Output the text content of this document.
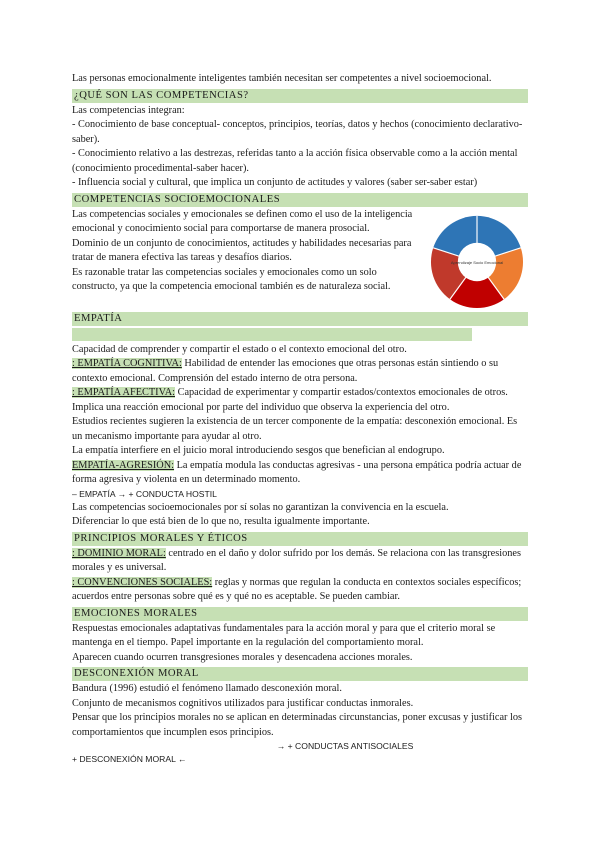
Las personas emocionalmente inteligentes también necesitan ser competentes a nivel socioemocional.

¿QUÉ SON LAS COMPETENCIAS?

Las competencias integran:

- Conocimiento de base conceptual- conceptos, principios, teorías, datos y hechos (conocimiento declarativo-saber).

- Conocimiento relativo a las destrezas, referidas tanto a la acción física observable como a la acción mental (conocimiento procedimental-saber hacer).

- Influencia social y cultural, que implica un conjunto de actitudes y valores (saber ser-saber estar)

COMPETENCIAS SOCIOEMOCIONALES

Las competencias sociales y emocionales se definen como el uso de la inteligencia emocional y conocimiento social para comportarse de manera prosocial.

Dominio de un conjunto de conocimientos, actitudes y habilidades necesarias para tratar de manera efectiva las tareas y desafíos diarios.

Es razonable tratar las competencias sociales y emocionales como un solo constructo, ya que la competencia emocional también es de naturaleza social.

Aprendizaje Socio Emocional
EMPATÍA

Capacidad de comprender y compartir el estado o el contexto emocional del otro.

: EMPATÍA COGNITIVA: Habilidad de entender las emociones que otras personas están sintiendo o su contexto emocional. Comprensión del estado interno de otra persona.

: EMPATÍA AFECTIVA: Capacidad de experimentar y compartir estados/contextos emocionales de otros. Implica una reacción emocional por parte del individuo que observa la experiencia del otro.

Estudios recientes sugieren la existencia de un tercer componente de la empatía: desconexión emocional. Es un mecanismo importante para ayudar al otro.

La empatía interfiere en el juicio moral introduciendo sesgos que benefician al endogrupo.

EMPATÍA-AGRESIÓN: La empatía modula las conductas agresivas - una persona empática podría actuar de forma agresiva y violenta en un determinado momento.

– EMPATÍA → + CONDUCTA HOSTIL

Las competencias socioemocionales por sí solas no garantizan la convivencia en la escuela.

Diferenciar lo que está bien de lo que no, resulta igualmente importante.

PRINCIPIOS MORALES Y ÉTICOS

: DOMINIO MORAL: centrado en el daño y dolor sufrido por los demás. Se relaciona con las transgresiones morales y es universal.

: CONVENCIONES SOCIALES: reglas y normas que regulan la conducta en contextos sociales específicos; acuerdos entre personas sobre qué es y qué no es aceptable. Se pueden cambiar.

EMOCIONES MORALES

Respuestas emocionales adaptativas fundamentales para la acción moral y para que el criterio moral se mantenga en el tiempo. Papel importante en la regulación del comportamiento moral.

Aparecen cuando ocurren transgresiones morales y desencadena acciones morales.

DESCONEXIÓN MORAL

Bandura (1996) estudió el fenómeno llamado desconexión moral.

Conjunto de mecanismos cognitivos utilizados para justificar conductas inmorales.

Pensar que los principios morales no se aplican en determinadas circunstancias, poner excusas y justificar los comportamientos que incumplen esos principios.

→ + CONDUCTAS ANTISOCIALES

+ DESCONEXIÓN MORAL ←
